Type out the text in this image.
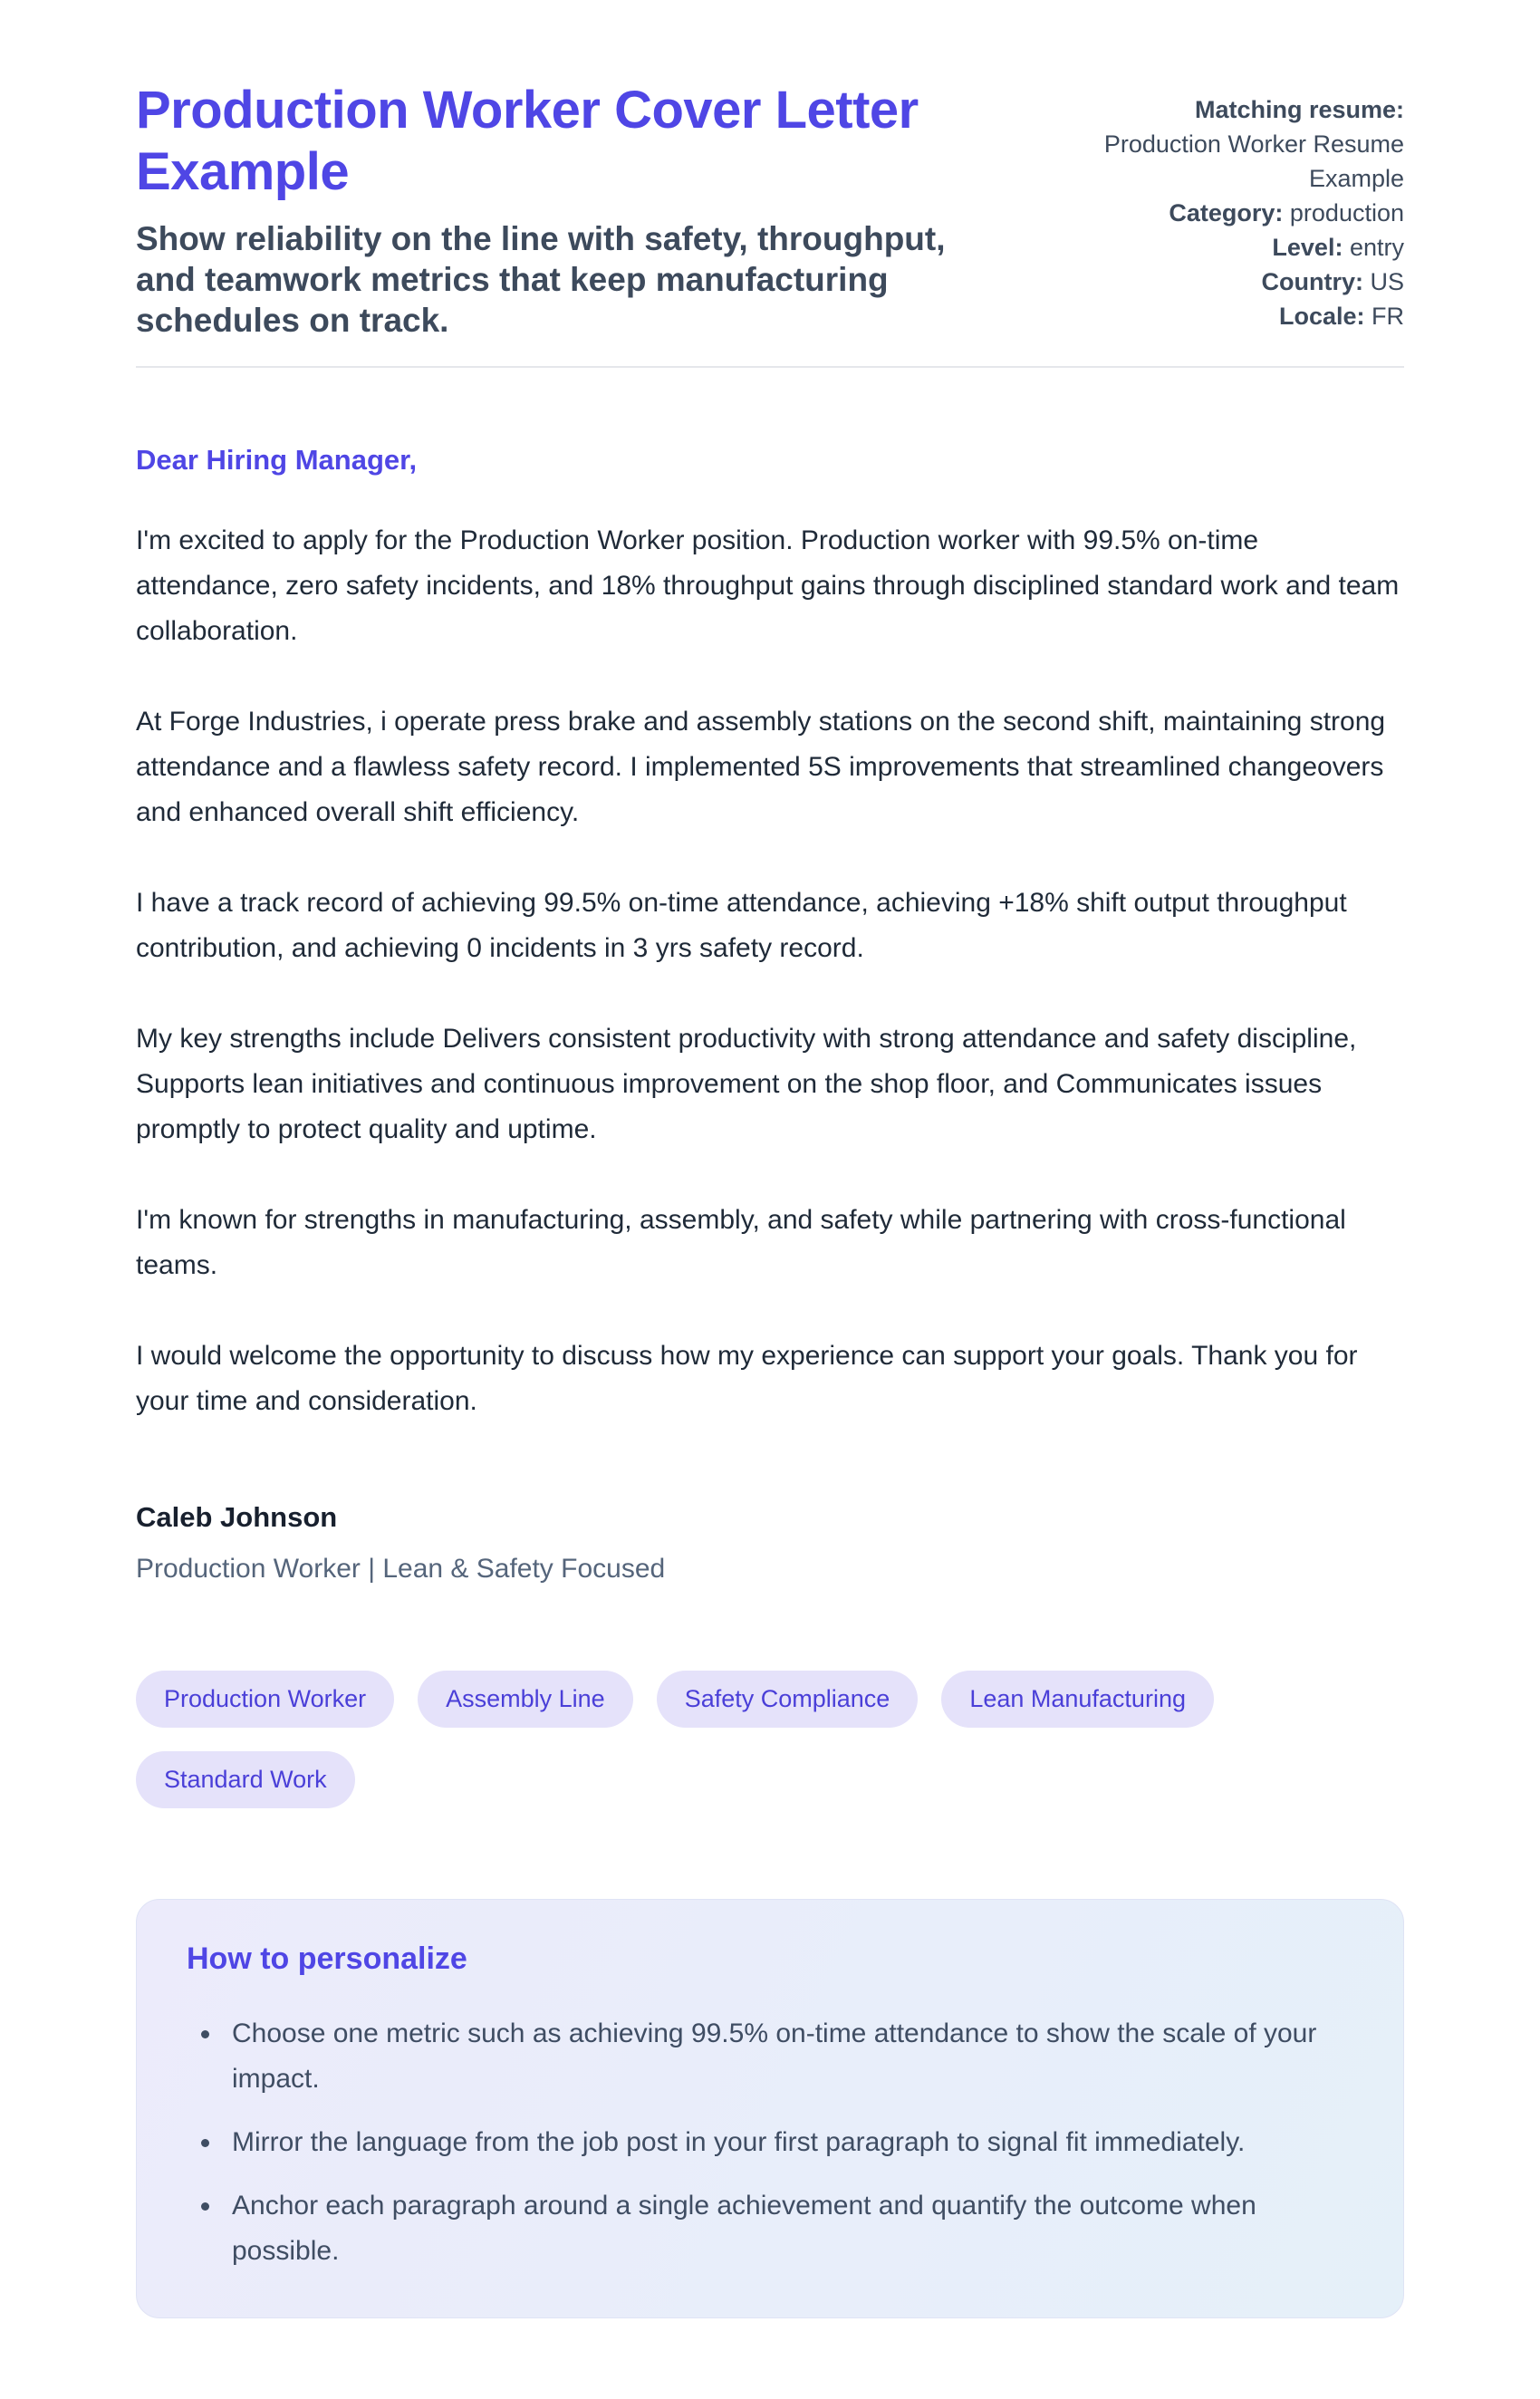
Production Worker Cover Letter Example
Show reliability on the line with safety, throughput, and teamwork metrics that keep manufacturing schedules on track.
Matching resume: Production Worker Resume Example
Category: production
Level: entry
Country: US
Locale: FR
Dear Hiring Manager,

I'm excited to apply for the Production Worker position. Production worker with 99.5% on-time attendance, zero safety incidents, and 18% throughput gains through disciplined standard work and team collaboration.

At Forge Industries, i operate press brake and assembly stations on the second shift, maintaining strong attendance and a flawless safety record. I implemented 5S improvements that streamlined changeovers and enhanced overall shift efficiency.

I have a track record of achieving 99.5% on-time attendance, achieving +18% shift output throughput contribution, and achieving 0 incidents in 3 yrs safety record.

My key strengths include Delivers consistent productivity with strong attendance and safety discipline, Supports lean initiatives and continuous improvement on the shop floor, and Communicates issues promptly to protect quality and uptime.

I'm known for strengths in manufacturing, assembly, and safety while partnering with cross-functional teams.

I would welcome the opportunity to discuss how my experience can support your goals. Thank you for your time and consideration.

Caleb Johnson
Production Worker | Lean & Safety Focused
Production Worker	Assembly Line	Safety Compliance	Lean Manufacturing
Standard Work
How to personalize
• Choose one metric such as achieving 99.5% on-time attendance to show the scale of your impact.
• Mirror the language from the job post in your first paragraph to signal fit immediately.
• Anchor each paragraph around a single achievement and quantify the outcome when possible.
